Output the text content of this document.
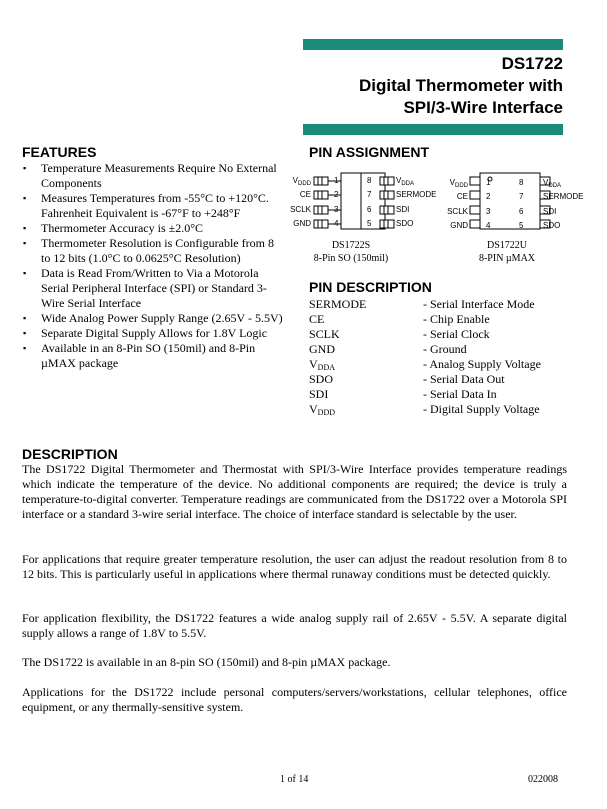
DS1722
Digital Thermometer with
SPI/3-Wire Interface
FEATURES
▪ Temperature Measurements Require No External Components
▪ Measures Temperatures from -55°C to +120°C. Fahrenheit Equivalent is -67°F to +248°F
▪ Thermometer Accuracy is ±2.0°C
▪ Thermometer Resolution is Configurable from 8 to 12 bits (1.0°C to 0.0625°C Resolution)
▪ Data is Read From/Written to Via a Motorola Serial Peripheral Interface (SPI) or Standard 3-Wire Serial Interface
▪ Wide Analog Power Supply Range (2.65V - 5.5V)
▪ Separate Digital Supply Allows for 1.8V Logic
▪ Available in an 8-Pin SO (150mil) and 8-Pin µMAX package
PIN ASSIGNMENT
$V_{DDD}$
CE
SCLK
GND
$V_{DDA}$
SERMODE
SDI
SDO
1
2
3
4
8
7
6
5
DS1722S
8-Pin SO (150mil)
$V_{DDD}$
CE
SCLK
GND
$V_{DDA}$
SERMODE
SDI
SDO
1
2
3
4
8
7
6
5
DS1722U
8-PIN µMAX
PIN DESCRIPTION
SERMODE	- Serial Interface Mode
CE	- Chip Enable
SCLK	- Serial Clock
GND	- Ground
$V_{DDA}$	- Analog Supply Voltage
SDO	- Serial Data Out
SDI	- Serial Data In
$V_{DDD}$	- Digital Supply Voltage
DESCRIPTION
The DS1722 Digital Thermometer and Thermostat with SPI/3-Wire Interface provides temperature readings which indicate the temperature of the device. No additional components are required; the device is truly a temperature-to-digital converter. Temperature readings are communicated from the DS1722 over a Motorola SPI interface or a standard 3-wire serial interface. The choice of interface standard is selectable by the user.
For applications that require greater temperature resolution, the user can adjust the readout resolution from 8 to 12 bits. This is particularly useful in applications where thermal runaway conditions must be detected quickly.
For application flexibility, the DS1722 features a wide analog supply rail of 2.65V - 5.5V. A separate digital supply allows a range of 1.8V to 5.5V.
The DS1722 is available in an 8-pin SO (150mil) and 8-pin µMAX package.
Applications for the DS1722 include personal computers/servers/workstations, cellular telephones, office equipment, or any thermally-sensitive system.
1 of 14	022008
